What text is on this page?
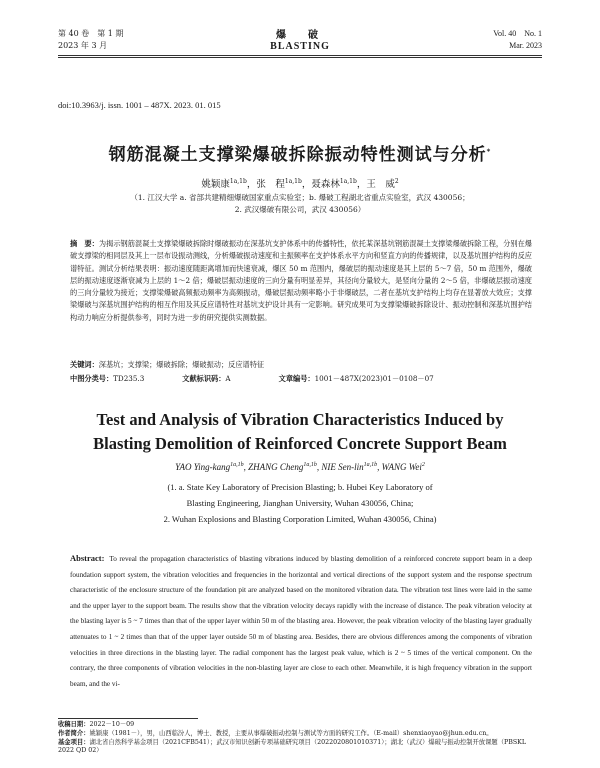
第 40 卷　第 1 期
2023 年 3 月
爆　破
BLASTING
Vol. 40　No. 1
Mar. 2023
doi:10.3963/j. issn. 1001 – 487X. 2023. 01. 015
钢筋混凝土支撑梁爆破拆除振动特性测试与分析*
姚颖康$^{1a,1b}$，张　程$^{1a,1b}$，聂森林$^{1a,1b}$，王　威$^2$
（1. 江汉大学 a. 省部共建精细爆破国家重点实验室；b. 爆破工程湖北省重点实验室，武汉 430056；
2. 武汉爆破有限公司，武汉 430056）
摘　要：为揭示钢筋混凝土支撑梁爆破拆除时爆破振动在深基坑支护体系中的传播特性，依托某深基坑钢筋混凝土支撑梁爆破拆除工程，分别在爆破支撑梁的相同层及其上一层布设振动测线，分析爆破振动速度和主振频率在支护体系水平方向和竖直方向的传播规律，以及基坑围护结构的反应谱特征。测试分析结果表明：振动速度随距离增加而快速衰减，爆区 50 m 范围内，爆破层的振动速度是其上层的 5～7 倍，50 m 范围外，爆破层的振动速度逐渐衰减为上层的 1～2 倍；爆破层振动速度的三向分量有明显差异，其径向分量较大，是竖向分量的 2～5 倍，非爆破层振动速度的三向分量较为接近；支撑梁爆破高频振动频率为高频振动，爆破层振动频率略小于非爆破层，二者在基坑支护结构上均存在显著放大效应；支撑梁爆破与深基坑围护结构的相互作用及其反应谱特性对基坑支护设计具有一定影响。研究成果可为支撑梁爆破拆除设计、振动控制和深基坑围护结构动力响应分析提供参考，同时为进一步的研究提供实测数据。
关键词：深基坑；支撑梁；爆破拆除；爆破振动；反应谱特征
中图分类号：TD235.3	文献标识码：A	文章编号：1001－487X(2023)01－0108－07
Test and Analysis of Vibration Characteristics Induced by
Blasting Demolition of Reinforced Concrete Support Beam
YAO Ying-kang$^{1a,1b}$, ZHANG Cheng$^{1a,1b}$, NIE Sen-lin$^{1a,1b}$, WANG Wei$^2$
(1. a. State Key Laboratory of Precision Blasting; b. Hubei Key Laboratory of
Blasting Engineering, Jianghan University, Wuhan 430056, China;
2. Wuhan Explosions and Blasting Corporation Limited, Wuhan 430056, China)
Abstract: To reveal the propagation characteristics of blasting vibrations induced by blasting demolition of a reinforced concrete support beam in a deep foundation support system, the vibration velocities and frequencies in the horizontal and vertical directions of the support system and the response spectrum characteristic of the enclosure structure of the foundation pit are analyzed based on the monitored vibration data. The vibration test lines were laid in the same and the upper layer to the support beam. The results show that the vibration velocity decays rapidly with the increase of distance. The peak vibration velocity at the blasting layer is 5 ~ 7 times than that of the upper layer within 50 m of the blasting area. However, the peak vibration velocity of the blasting layer gradually attenuates to 1 ~ 2 times than that of the upper layer outside 50 m of blasting area. Besides, there are obvious differences among the components of vibration velocities in three directions in the blasting layer. The radial component has the largest peak value, which is 2 ~ 5 times of the vertical component. On the contrary, the three components of vibration velocities in the non-blasting layer are close to each other. Meanwhile, it is high frequency vibration in the support beam, and the vi-
收稿日期：2022－10－09
作者简介：姚颖康（1981－），男，山西临汾人，博士、教授，主要从事爆破振动控制与测试等方面的研究工作。（E-mail）shenxiaoyao@jhun.edu.cn。
基金项目：湖北省自然科学基金项目（2021CFB541）；武汉市知识创新专项基础研究项目（2022020801010371）；湖北（武汉）爆破与振动控制开放课题（PBSKL 2022 QD 02）
